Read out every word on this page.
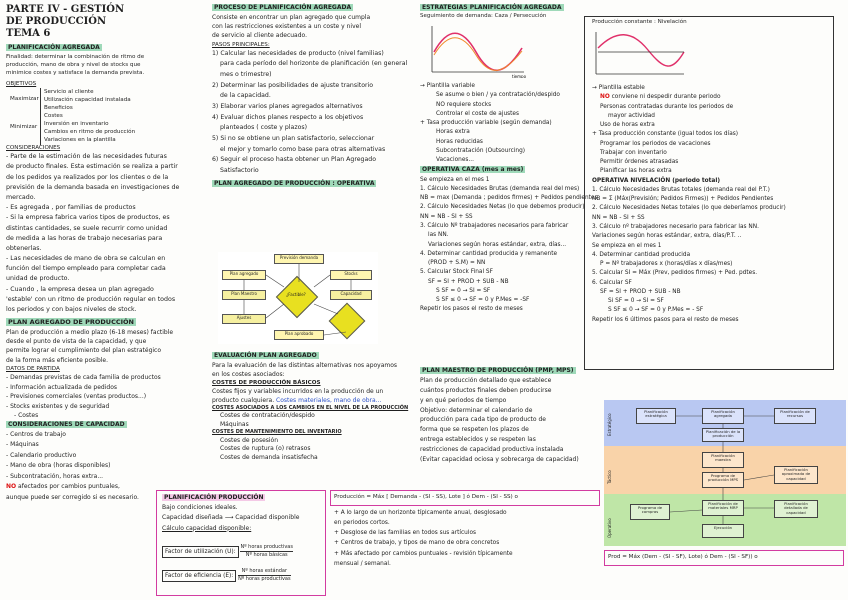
PARTE IV - GESTIÓN DE PRODUCCIÓN TEMA 6
PLANIFICACIÓN AGREGADA
Finalidad: determinar la combinación de ritmo de
producción, mano de obra y nivel de stocks que
minimice costes y satisface la demanda prevista.
OBJETIVOS
Maximizar
Servicio al cliente
Utilización capacidad instalada
Beneficios
Minimizar
Costes
Inversión en inventario
Cambios en ritmo de producción
Variaciones en la plantilla
CONSIDERACIONES
- Parte de la estimación de las necesidades futuras
de producto finales. Esta estimación se realiza a partir
de los pedidos ya realizados por los clientes o de la
previsión de la demanda basada en investigaciones de
mercado.
- Es agregada , por familias de productos
- Si la empresa fabrica varios tipos de productos, es
distintas cantidades, se suele recurrir como unidad
de medida a las horas de trabajo necesarias para
obtenerlas.
- Las necesidades de mano de obra se calculan en
función del tiempo empleado para completar cada
unidad de producto.
- Cuando , la empresa desea un plan agregado
'estable' con un ritmo de producción regular en todos
los periodos y con bajos niveles de stock.
PLAN AGREGADO DE PRODUCCIÓN
Plan de producción a medio plazo (6-18 meses) factible
desde el punto de vista de la capacidad, y que
permite lograr el cumplimiento del plan estratégico
de la forma más eficiente posible.
DATOS DE PARTIDA
- Demandas previstas de cada familia de productos
- Información actualizada de pedidos
- Previsiones comerciales (ventas productos...)
- Stocks existentes y de seguridad
- Costes
CONSIDERACIONES DE CAPACIDAD
- Centros de trabajo
- Máquinas
- Calendario productivo
- Mano de obra (horas disponibles)
- Subcontratación, horas extra...
NO afectados por cambios puntuales,
aunque puede ser corregido si es necesario.
PROCESO DE PLANIFICACIÓN AGREGADA
Consiste en encontrar un plan agregado que cumpla
con las restricciones existentes a un coste y nivel
de servicio al cliente adecuado.
PASOS PRINCIPALES:
1) Calcular las necesidades de producto (nivel familias)
para cada período del horizonte de planificación (en general
mes o trimestre)
2) Determinar las posibilidades de ajuste transitorio
de la capacidad.
3) Elaborar varios planes agregados alternativos
4) Evaluar dichos planes respecto a los objetivos
planteados ( coste y plazos)
5) Si no se obtiene un plan satisfactorio, seleccionar
el mejor y tomarlo como base para otras alternativas
6) Seguir el proceso hasta obtener un Plan Agregado
Satisfactorio
PLAN AGREGADO DE PRODUCCIÓN : OPERATIVA
Previsión demanda
Plan agregado	Stocks
Plan Maestro	Capacidad
¿Factible?
Ajustes
Plan aprobado
EVALUACIÓN PLAN AGREGADO
Para la evaluación de las distintas alternativas nos apoyamos
en los costes asociados:
COSTES DE PRODUCCIÓN BÁSICOS
Costes fijos y variables incurridos en la producción de un
producto cualquiera. Costes materiales, mano de obra...
COSTES ASOCIADOS A LOS CAMBIOS EN EL NIVEL DE LA PRODUCCIÓN
Costes de contratación/despido
Máquinas
COSTES DE MANTENIMIENTO DEL INVENTARIO
Costes de posesión
Costes de ruptura (o) retrasos
Costes de demanda insatisfecha
ESTRATEGIAS PLANIFICACIÓN AGREGADA
Seguimiento de demanda: Caza / Persecución
tiempo
→ Plantilla variable
Se asume o bien / ya contratación/despido
NO requiere stocks
Controlar el coste de ajustes
+ Tasa producción variable (según demanda)
Horas extra
Horas reducidas
Subcontratación (Outsourcing)
Vacaciones...
OPERATIVA CAZA (mes a mes)
Se empieza en el mes 1
1. Cálculo Necesidades Brutas (demanda real del mes)
NB = max (Demanda ; pedidos firmes) + Pedidos pendientes
2. Cálculo Necesidades Netas (lo que debemos producir)
NN = NB - SI + SS
3. Cálculo Nº trabajadores necesarios para fabricar
las NN.
Variaciones según horas estándar, extra, días...
4. Determinar cantidad producida y remanente
(PROD + S.M) = NN
5. Calcular Stock Final SF
SF = SI + PROD + SUB - NB
S SF = 0 → SI = SF
S SF ≤ 0 → SF = 0 y P.Mes = -SF
Repetir los pasos el resto de meses
PLAN MAESTRO DE PRODUCCIÓN (PMP, MPS)
Plan de producción detallado que establece
cuántos productos finales deben producirse
y en qué periodos de tiempo
Objetivo: determinar el calendario de
producción para cada tipo de producto de
forma que se respeten los plazos de
entrega establecidos y se respeten las
restricciones de capacidad productiva instalada
(Evitar capacidad ociosa y sobrecarga de capacidad)
Producción constante : Nivelación
→ Plantilla estable
NO conviene ni despedir durante periodo
Personas contratadas durante los periodos de
mayor actividad
Uso de horas extra
+ Tasa producción constante (igual todos los días)
Programar los periodos de vacaciones
Trabajar con inventario
Permitir órdenes atrasadas
Planificar las horas extra
OPERATIVA NIVELACIÓN (periodo total)
1. Cálculo Necesidades Brutas totales (demanda real del P.T.)
NB = Σ (Máx(Previsión; Pedidos Firmes)) + Pedidos Pendientes
2. Cálculo Necesidades Netas totales (lo que deberíamos producir)
NN = NB - SI + SS
3. Cálculo nº trabajadores necesario para fabricar las NN.
Variaciones según horas estándar, extra, días/P.T. ..
Se empieza en el mes 1
4. Determinar cantidad producida
P = Nº trabajadores x (horas/días x días/mes)
5. Calcular SI = Máx (Prev, pedidos firmes) + Ped. pdtes.
6. Calcular SF
SF = SI + PROD + SUB - NB
Si SF = 0 → SI = SF
S SF ≤ 0 → SF = 0 y P.Mes = - SF
Repetir los 6 últimos pasos para el resto de meses
Estratégico
Táctico
Operativo
Planificación estratégica
Planificación agregada
Planificación de recursos
Planificación de la producción
Planificación maestra
Programa de producción MPS
Planificación aproximada de capacidad
Planificación de materiales MRP
Planificación detallada de capacidad
Programa de compras
Ejecución
Prod = Máx (Dem - (SI - SF), Lote) ó Dem - (SI - SF)) o
PLANIFICACIÓN PRODUCCIÓN
Bajo condiciones ideales.
Capacidad diseñada ⟶ Capacidad disponible
Cálculo capacidad disponible:
Factor de utilización (U):
Nº horas productivas
Nº horas básicas
Factor de eficiencia (E):
Nº horas estándar
Nº horas productivas
Producción = Máx [ Demanda - (SI - SS), Lote ] ó Dem - (SI - SS) o
+ A lo largo de un horizonte típicamente anual, desglosado
en periodos cortos.
+ Desglose de las familias en todos sus artículos
+ Centros de trabajo, y tipos de mano de obra concretos
+ Más afectado por cambios puntuales - revisión típicamente
mensual / semanal.
